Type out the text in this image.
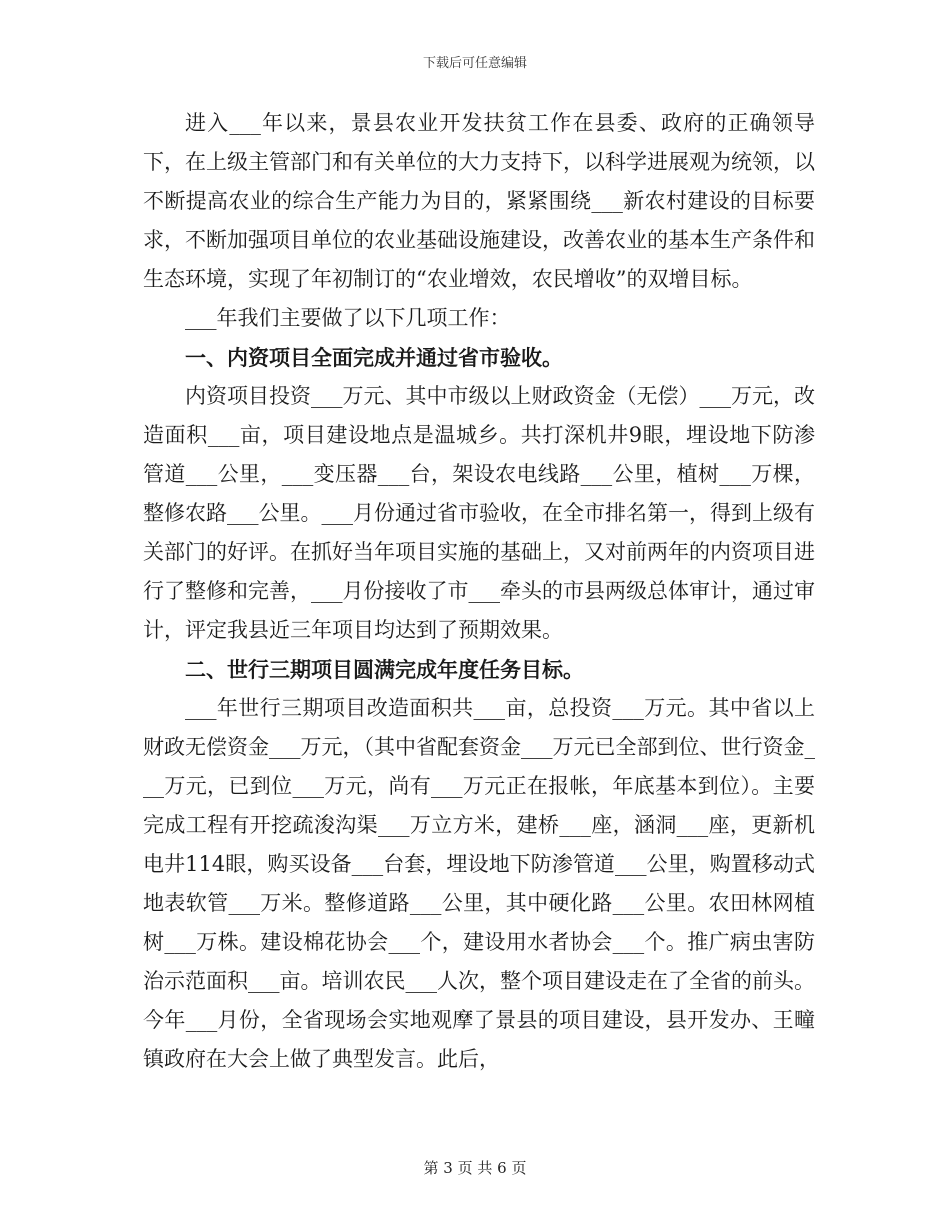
下载后可任意编辑

进入___年以来，景县农业开发扶贫工作在县委、政府的正确领导下，在上级主管部门和有关单位的大力支持下，以科学进展观为统领，以不断提高农业的综合生产能力为目的，紧紧围绕___新农村建设的目标要求，不断加强项目单位的农业基础设施建设，改善农业的基本生产条件和生态环境，实现了年初制订的“农业增效，农民增收”的双增目标。

___年我们主要做了以下几项工作：

一、内资项目全面完成并通过省市验收。

内资项目投资___万元、其中市级以上财政资金（无偿）___万元，改造面积___亩，项目建设地点是温城乡。共打深机井9眼，埋设地下防渗管道___公里，___变压器___台，架设农电线路___公里，植树___万棵，整修农路___公里。___月份通过省市验收，在全市排名第一，得到上级有关部门的好评。在抓好当年项目实施的基础上，又对前两年的内资项目进行了整修和完善，___月份接收了市___牵头的市县两级总体审计，通过审计，评定我县近三年项目均达到了预期效果。

二、世行三期项目圆满完成年度任务目标。

___年世行三期项目改造面积共___亩，总投资___万元。其中省以上财政无偿资金___万元，（其中省配套资金___万元已全部到位、世行资金___万元，已到位___万元，尚有___万元正在报帐，年底基本到位）。主要完成工程有开挖疏浚沟渠___万立方米，建桥___座，涵洞___座，更新机电井114眼，购买设备___台套，埋设地下防渗管道___公里，购置移动式地表软管___万米。整修道路___公里，其中硬化路___公里。农田林网植树___万株。建设棉花协会___个，建设用水者协会___个。推广病虫害防治示范面积___亩。培训农民___人次，整个项目建设走在了全省的前头。今年___月份，全省现场会实地观摩了景县的项目建设，县开发办、王疃镇政府在大会上做了典型发言。此后，

第 3 页 共 6 页
